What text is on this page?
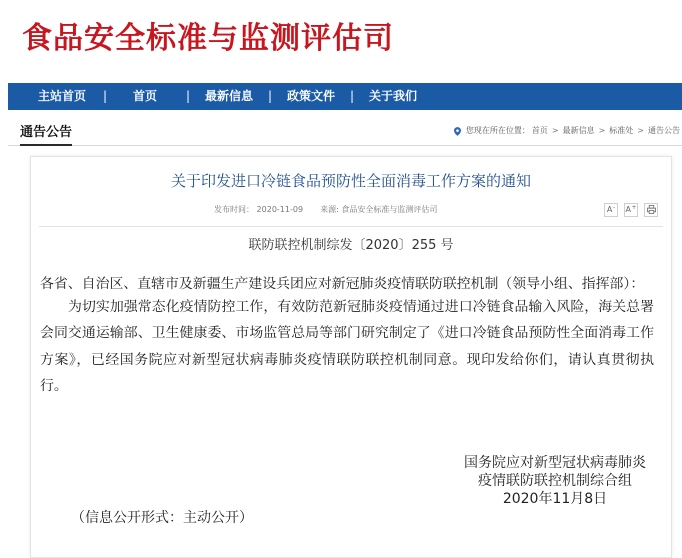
食品安全标准与监测评估司
主站首页 | 首页 | 最新信息 | 政策文件 | 关于我们
通告公告	您现在所在位置： 首页 > 最新信息 > 标准处 > 通告公告
关于印发进口冷链食品预防性全面消毒工作方案的通知
发布时间： 2020-11-09 来源: 食品安全标准与监测评估司	A- A+
联防联控机制综发〔2020〕255 号
各省、自治区、直辖市及新疆生产建设兵团应对新冠肺炎疫情联防联控机制（领导小组、指挥部）：
为切实加强常态化疫情防控工作，有效防范新冠肺炎疫情通过进口冷链食品输入风险，海关总署
会同交通运输部、卫生健康委、市场监管总局等部门研究制定了《进口冷链食品预防性全面消毒工作
方案》，已经国务院应对新型冠状病毒肺炎疫情联防联控机制同意。现印发给你们，请认真贯彻执
行。
国务院应对新型冠状病毒肺炎
疫情联防联控机制综合组
2020年11月8日
（信息公开形式：主动公开）
